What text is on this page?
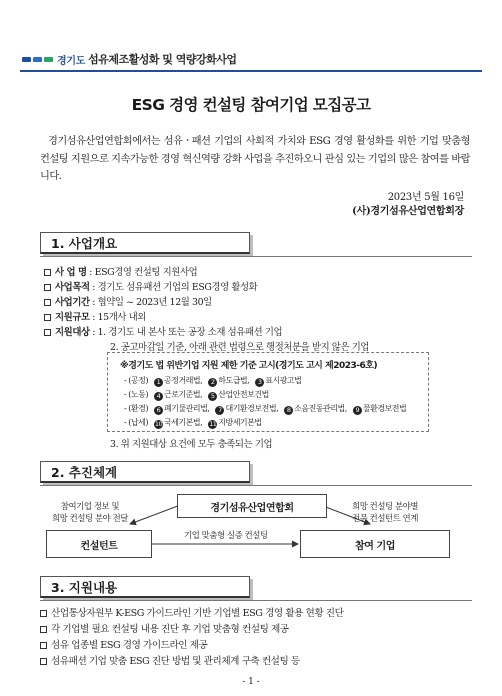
경기도 섬유제조활성화 및 역량강화사업
ESG 경영 컨설팅 참여기업 모집공고

경기섬유산업연합회에서는 섬유ㆍ패션 기업의 사회적 가치와 ESG 경영 활성화를 위한 기업 맞춤형 컨설팅 지원으로 지속가능한 경영 혁신역량 강화 사업을 추진하오니 관심 있는 기업의 많은 참여를 바랍니다.

2023년 5월 16일
(사)경기섬유산업연합회장
1. 사업개요
사 업 명 : ESG경영 컨설팅 지원사업
사업목적 : 경기도 섬유패션 기업의 ESG경영 활성화
사업기간 : 협약일 ~ 2023년 12월 30일
지원규모 : 15개사 내외
지원대상 : 1. 경기도 내 본사 또는 공장 소재 섬유패션 기업
2. 공고마감일 기준, 아래 관련 법령으로 행정처분을 받지 않은 기업
※경기도 법 위반기업 지원 제한 기준 고시(경기도 고시 제2023-6호)
- (공정) 1 공정거래법, 2 하도급법, 3 표시광고법
- (노동) 4 근로기준법, 5 산업안전보건법
- (환경) 6 폐기물관리법, 7 대기환경보전법, 8 소음진동관리법, 9 물환경보전법
- (납세) 10 국세기본법, 11 지방세기본법
3. 위 지원대상 요건에 모두 충족되는 기업
2. 추진체계
경기섬유산업연합회
컨설턴트	참여 기업
참여기업 정보 및
희망 컨설팅 분야 전달
희망 컨설팅 분야별
전문 컨설턴트 연계
기업 맞춤형 실증 컨설팅
3. 지원내용
산업통상자원부 K-ESG 가이드라인 기반 기업별 ESG 경영 활용 현황 진단
각 기업별 필요 컨설팅 내용 진단 후 기업 맞춤형 컨설팅 제공
섬유 업종별 ESG 경영 가이드라인 제공
섬유패션 기업 맞춤 ESG 진단 방법 및 관리체계 구축 컨설팅 등
- 1 -
